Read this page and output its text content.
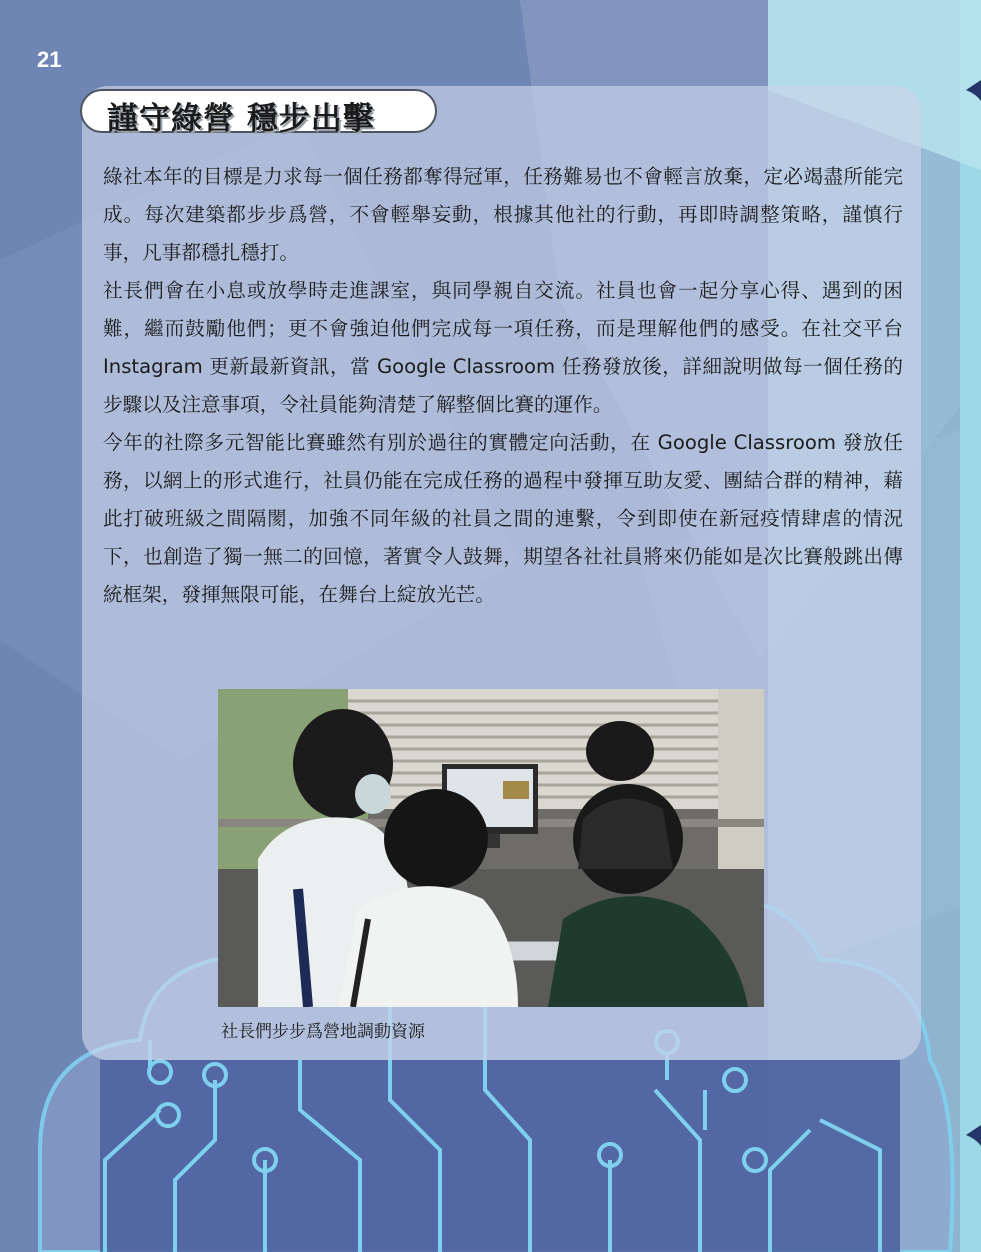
21
謹守綠營 穩步出擊

綠社本年的目標是力求每一個任務都奪得冠軍，任務難易也不會輕言放棄，定必竭盡所能完成。每次建築都步步爲營，不會輕舉妄動，根據其他社的行動，再即時調整策略，謹慎行事，凡事都穩扎穩打。

社長們會在小息或放學時走進課室，與同學親自交流。社員也會一起分享心得、遇到的困難，繼而鼓勵他們；更不會強迫他們完成每一項任務，而是理解他們的感受。在社交平台 Instagram 更新最新資訊，當 Google Classroom 任務發放後，詳細說明做每一個任務的步驟以及注意事項，令社員能夠清楚了解整個比賽的運作。

今年的社際多元智能比賽雖然有別於過往的實體定向活動，在 Google Classroom 發放任務，以網上的形式進行，社員仍能在完成任務的過程中發揮互助友愛、團結合群的精神，藉此打破班級之間隔閡，加強不同年級的社員之間的連繫，令到即使在新冠疫情肆虐的情況下，也創造了獨一無二的回憶，著實令人鼓舞，期望各社社員將來仍能如是次比賽般跳出傳統框架，發揮無限可能，在舞台上綻放光芒。

社長們步步爲營地調動資源
